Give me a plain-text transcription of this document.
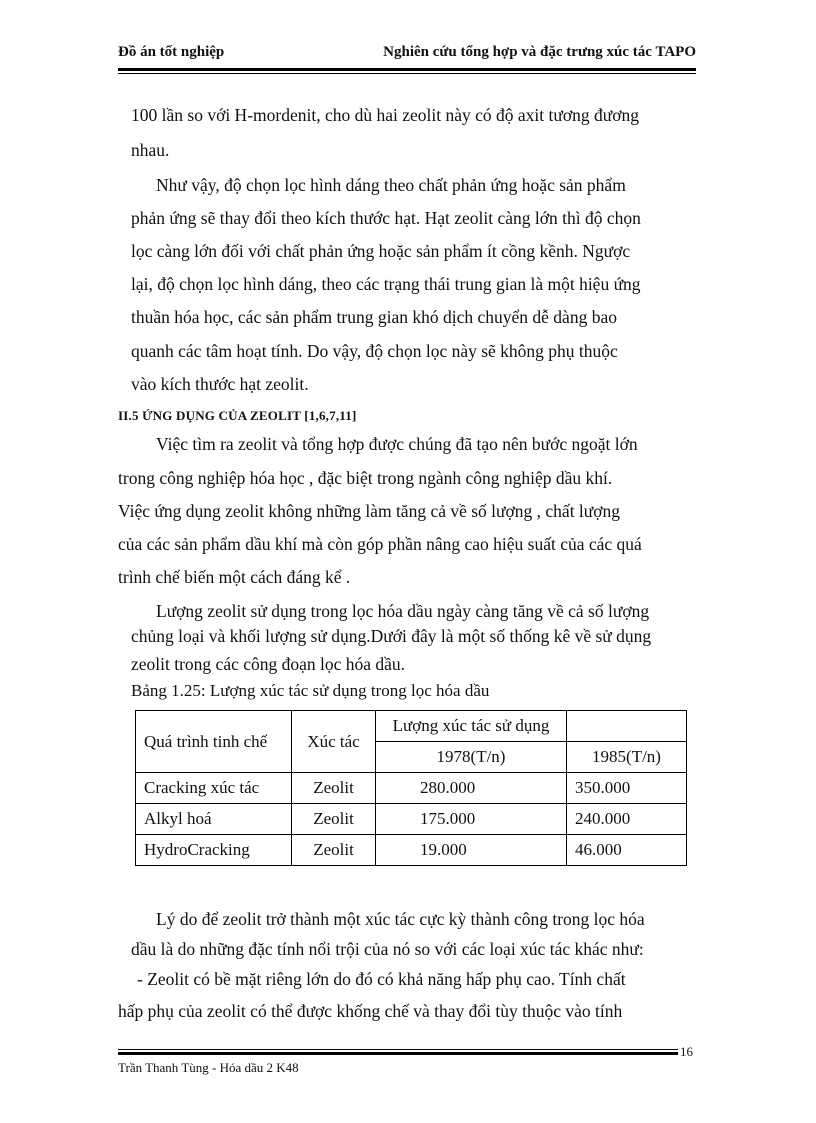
Đồ án tốt nghiệp	Nghiên cứu tổng hợp và đặc trưng xúc tác TAPO
100 lần so với H-mordenit, cho dù hai zeolit này có độ axit tương đương
nhau.
Như vậy, độ chọn lọc hình dáng theo chất phản ứng hoặc sản phẩm
phản ứng sẽ thay đổi theo kích thước hạt. Hạt zeolit càng lớn thì độ chọn
lọc càng lớn đối với chất phản ứng hoặc sản phẩm ít cồng kềnh. Ngược
lại, độ chọn lọc hình dáng, theo các trạng thái trung gian là một hiệu ứng
thuần hóa học, các sản phẩm trung gian khó dịch chuyển dễ dàng bao
quanh các tâm hoạt tính. Do vậy, độ chọn lọc này sẽ không phụ thuộc
vào kích thước hạt zeolit.
II.5 ỨNG DỤNG CỦA ZEOLIT [1,6,7,11]
Việc tìm ra zeolit và tổng hợp được chúng đã tạo nên bước ngoặt lớn
trong công nghiệp hóa học , đặc biệt trong ngành công nghiệp dầu khí.
Việc ứng dụng zeolit không những làm tăng cả về số lượng , chất lượng
của các sản phẩm dầu khí mà còn góp phần nâng cao hiệu suất của các quá
trình chế biến một cách đáng kể .
Lượng zeolit sử dụng trong lọc hóa dầu ngày càng tăng về cả số lượng
chủng loại và khối lượng sử dụng.Dưới đây là một số thống kê về sử dụng
zeolit trong các công đoạn lọc hóa dầu.
Bảng 1.25: Lượng xúc tác sử dụng trong lọc hóa dầu
Quá trình tinh chế	Xúc tác	Lượng xúc tác sử dụng	
		1978(T/n)	1985(T/n)
Cracking xúc tác	Zeolit	280.000	350.000
Alkyl hoá	Zeolit	175.000	240.000
HydroCracking	Zeolit	19.000	46.000
Lý do để zeolit trở thành một xúc tác cực kỳ thành công trong lọc hóa
dầu là do những đặc tính nổi trội của nó so với các loại xúc tác khác như:
- Zeolit có bề mặt riêng lớn do đó có khả năng hấp phụ cao. Tính chất
hấp phụ của zeolit có thể được khống chế và thay đổi tùy thuộc vào tính
16
Trần Thanh Tùng - Hóa dầu 2 K48
